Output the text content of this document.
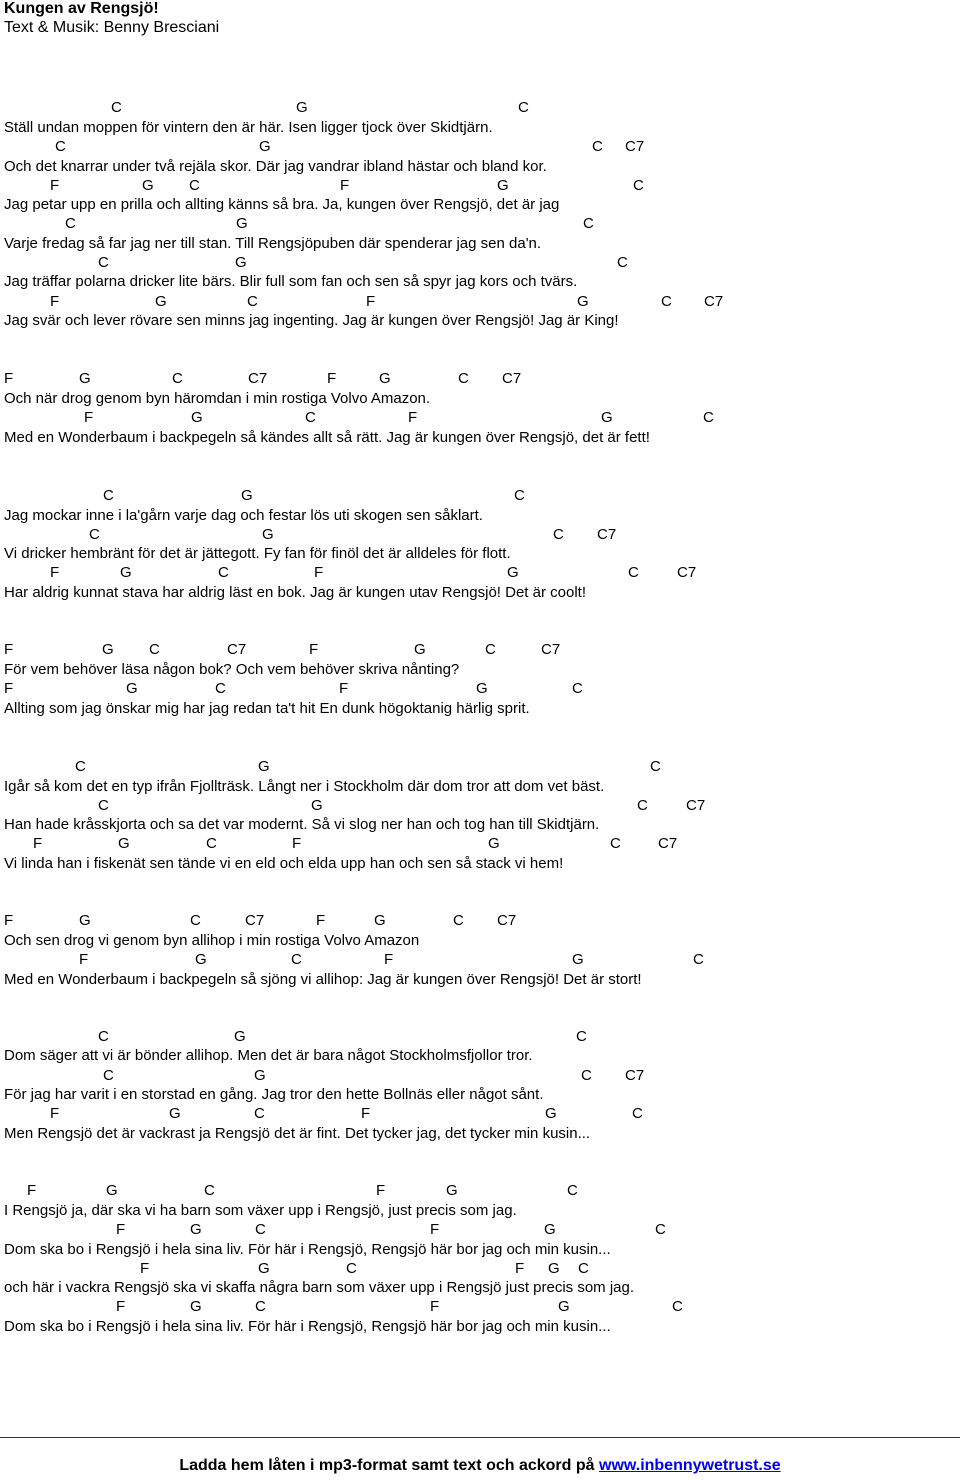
Kungen av Rengsjö!
Text & Musik: Benny Bresciani
C	G	C
Ställ undan moppen för vintern den är här. Isen ligger tjock över Skidtjärn.
C	G	C C7
Och det knarrar under två rejäla skor. Där jag vandrar ibland hästar och bland kor.
F	G C	F	G	C
Jag petar upp en prilla och allting känns så bra. Ja, kungen över Rengsjö, det är jag
C	G	C
Varje fredag så far jag ner till stan. Till Rengsjöpuben där spenderar jag sen da'n.
C	G	C
Jag träffar polarna dricker lite bärs. Blir full som fan och sen så spyr jag kors och tvärs.
F	G	C	F	G	C C7
Jag svär och lever rövare sen minns jag ingenting. Jag är kungen över Rengsjö! Jag är King!
F	G	C	C7	F	G	C C7
Och när drog genom byn häromdan i min rostiga Volvo Amazon.
F	G	C	F	G	C
Med en Wonderbaum i backpegeln så kändes allt så rätt. Jag är kungen över Rengsjö, det är fett!
C	G	C
Jag mockar inne i la'gårn varje dag och festar lös uti skogen sen såklart.
C	G	C C7
Vi dricker hembränt för det är jättegott. Fy fan för finöl det är alldeles för flott.
F	G	C	F	G	C	C7
Har aldrig kunnat stava har aldrig läst en bok. Jag är kungen utav Rengsjö! Det är coolt!
F	G C	C7	F	G	C	C7
För vem behöver läsa någon bok? Och vem behöver skriva nånting?
F	G	C	F	G	C
Allting som jag önskar mig har jag redan ta't hit En dunk högoktanig härlig sprit.
C	G	C
Igår så kom det en typ ifrån Fjollträsk. Långt ner i Stockholm där dom tror att dom vet bäst.
C	G	C	C7
Han hade kråsskjorta och sa det var modernt. Så vi slog ner han och tog han till Skidtjärn.
F	G	C	F	G	C C7
Vi linda han i fiskenät sen tände vi en eld och elda upp han och sen så stack vi hem!
F	G	C	C7	F	G	C C7
Och sen drog vi genom byn allihop i min rostiga Volvo Amazon
F	G	C	F	G	C
Med en Wonderbaum i backpegeln så sjöng vi allihop: Jag är kungen över Rengsjö! Det är stort!
C	G	C
Dom säger att vi är bönder allihop. Men det är bara något Stockholmsfjollor tror.
C	G	C C7
För jag har varit i en storstad en gång. Jag tror den hette Bollnäs eller något sånt.
F	G	C	F	G	C
Men Rengsjö det är vackrast ja Rengsjö det är fint. Det tycker jag, det tycker min kusin...
F	G	C	F	G	C
I Rengsjö ja, där ska vi ha barn som växer upp i Rengsjö, just precis som jag.
F	G	C	F	G	C
Dom ska bo i Rengsjö i hela sina liv. För här i Rengsjö, Rengsjö här bor jag och min kusin...
F	G	C	F G C
och här i vackra Rengsjö ska vi skaffa några barn som växer upp i Rengsjö just precis som jag.
F	G	C	F	G	C
Dom ska bo i Rengsjö i hela sina liv. För här i Rengsjö, Rengsjö här bor jag och min kusin...
Ladda hem låten i mp3-format samt text och ackord på www.inbennywetrust.se
